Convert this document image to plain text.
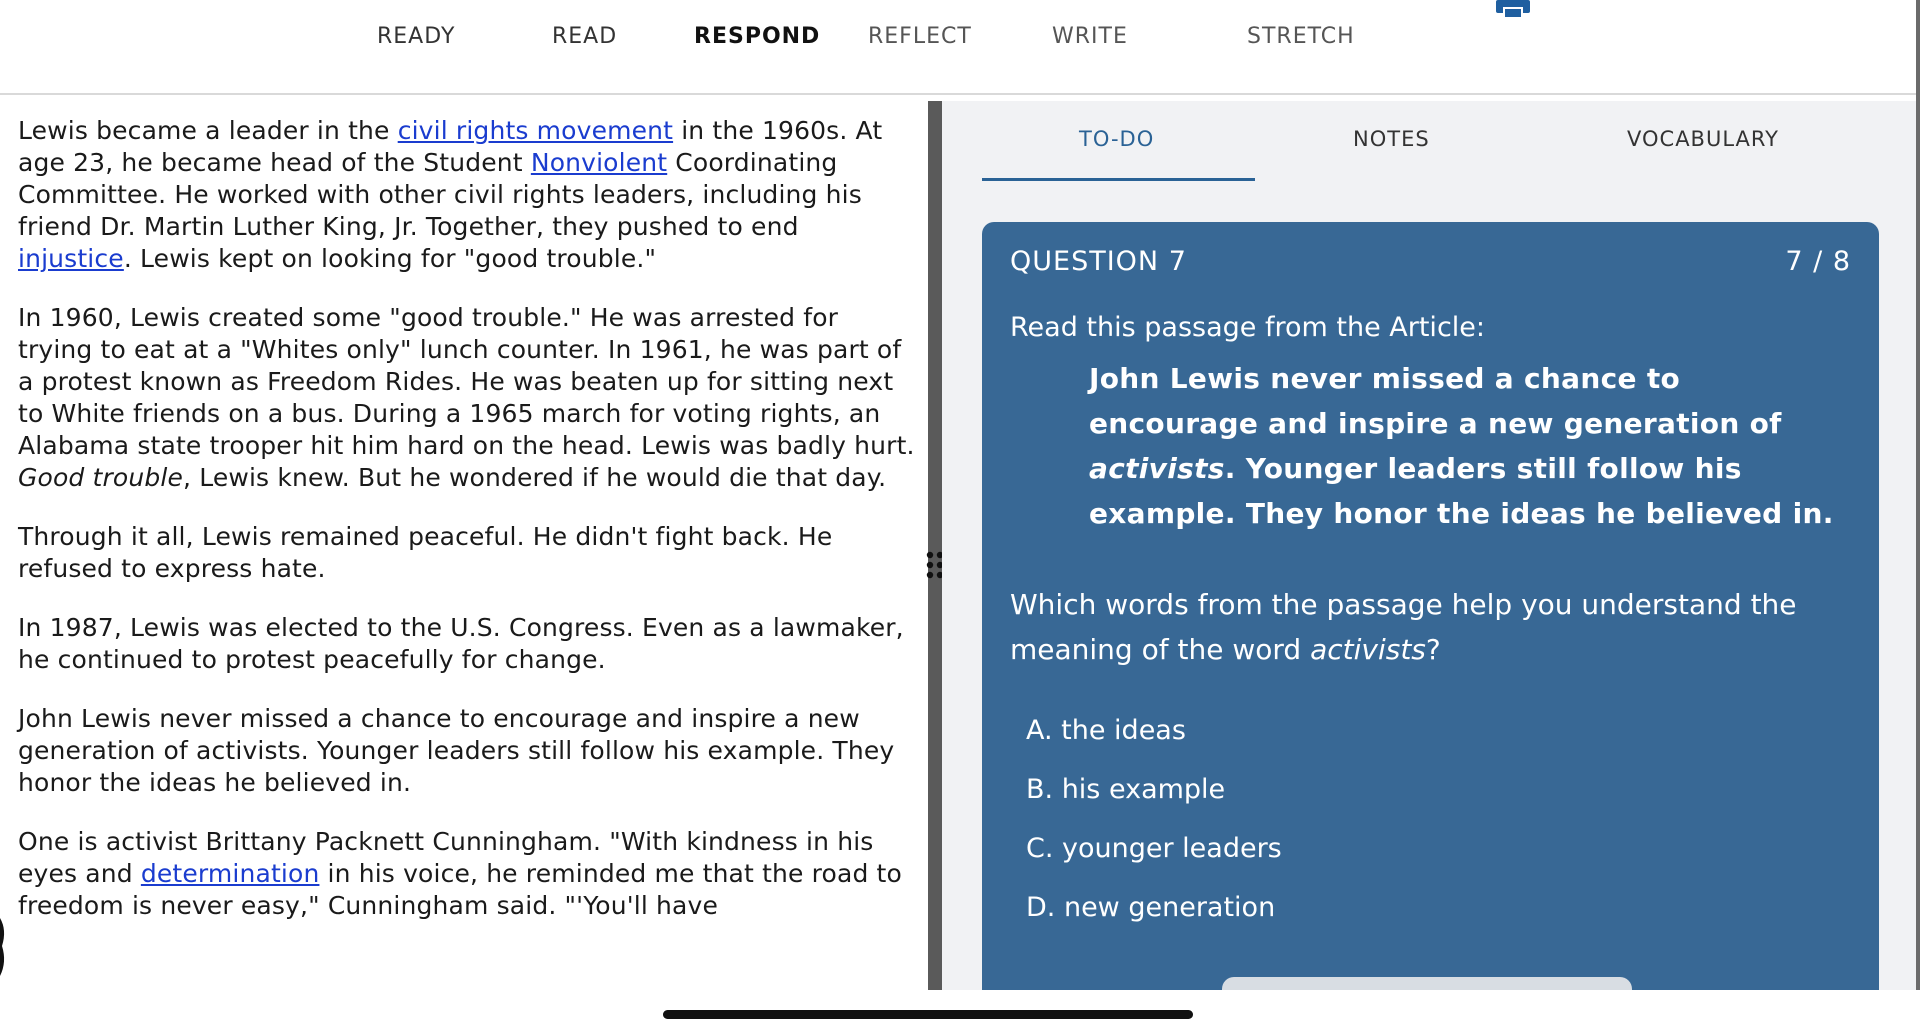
READY	READ	RESPOND REFLECT	WRITE	STRETCH

Lewis became a leader in the civil rights movement in the 1960s. At age 23, he became head of the Student Nonviolent Coordinating Committee. He worked with other civil rights leaders, including his friend Dr. Martin Luther King, Jr. Together, they pushed to end injustice. Lewis kept on looking for "good trouble."

In 1960, Lewis created some "good trouble." He was arrested for trying to eat at a "Whites only" lunch counter. In 1961, he was part of a protest known as Freedom Rides. He was beaten up for sitting next to White friends on a bus. During a 1965 march for voting rights, an Alabama state trooper hit him hard on the head. Lewis was badly hurt. Good trouble, Lewis knew. But he wondered if he would die that day.

Through it all, Lewis remained peaceful. He didn't fight back. He refused to express hate.

In 1987, Lewis was elected to the U.S. Congress. Even as a lawmaker, he continued to protest peacefully for change.

John Lewis never missed a chance to encourage and inspire a new generation of activists. Younger leaders still follow his example. They honor the ideas he believed in.

One is activist Brittany Packnett Cunningham. "With kindness in his eyes and determination in his voice, he reminded me that the road to freedom is never easy," Cunningham said. "'You'll have

TO-DO	NOTES	VOCABULARY
QUESTION 7	7 / 8
Read this passage from the Article:
John Lewis never missed a chance to encourage and inspire a new generation of activists. Younger leaders still follow his example. They honor the ideas he believed in.
Which words from the passage help you understand the meaning of the word activists?
A. the ideas
B. his example
C. younger leaders
D. new generation
